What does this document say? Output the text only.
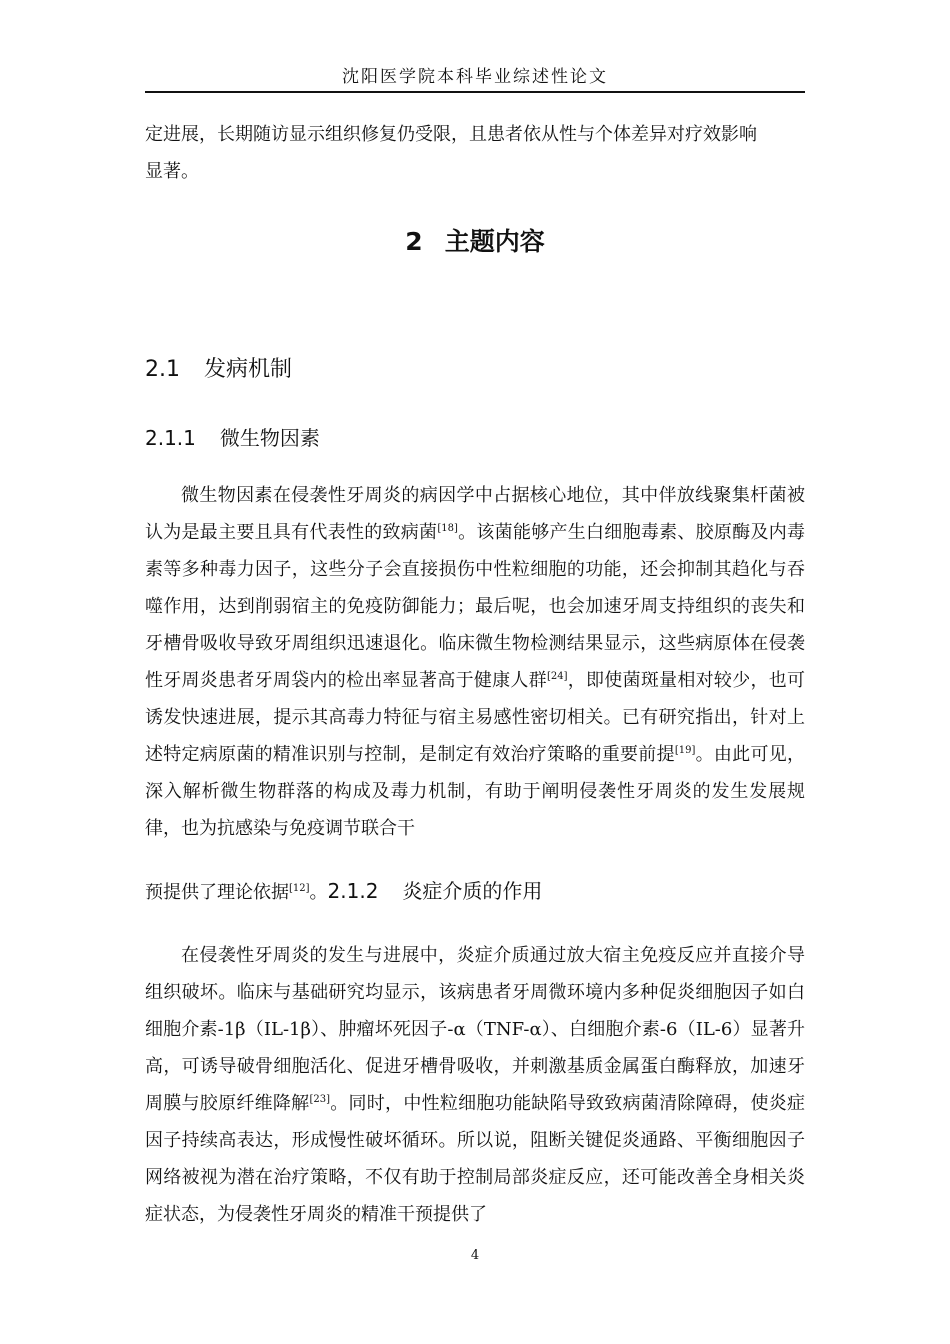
沈阳医学院本科毕业综述性论文

定进展，长期随访显示组织修复仍受限，且患者依从性与个体差异对疗效影响

显著。

2 主题内容
2.1 发病机制
2.1.1 微生物因素

微生物因素在侵袭性牙周炎的病因学中占据核心地位，其中伴放线聚集杆菌被认为是最主要且具有代表性的致病菌[18]。该菌能够产生白细胞毒素、胶原酶及内毒素等多种毒力因子，这些分子会直接损伤中性粒细胞的功能，还会抑制其趋化与吞噬作用，达到削弱宿主的免疫防御能力；最后呢，也会加速牙周支持组织的丧失和牙槽骨吸收导致牙周组织迅速退化。临床微生物检测结果显示，这些病原体在侵袭性牙周炎患者牙周袋内的检出率显著高于健康人群[24]，即使菌斑量相对较少，也可诱发快速进展，提示其高毒力特征与宿主易感性密切相关。已有研究指出，针对上述特定病原菌的精准识别与控制，是制定有效治疗策略的重要前提[19]。由此可见，深入解析微生物群落的构成及毒力机制，有助于阐明侵袭性牙周炎的发生发展规律，也为抗感染与免疫调节联合干

预提供了理论依据[12]。2.1.2 炎症介质的作用

在侵袭性牙周炎的发生与进展中，炎症介质通过放大宿主免疫反应并直接介导组织破坏。临床与基础研究均显示，该病患者牙周微环境内多种促炎细胞因子如白细胞介素-1β（IL-1β）、肿瘤坏死因子-α（TNF-α）、白细胞介素-6（IL-6）显著升高，可诱导破骨细胞活化、促进牙槽骨吸收，并刺激基质金属蛋白酶释放，加速牙周膜与胶原纤维降解[23]。同时，中性粒细胞功能缺陷导致致病菌清除障碍，使炎症因子持续高表达，形成慢性破坏循环。所以说，阻断关键促炎通路、平衡细胞因子网络被视为潜在治疗策略，不仅有助于控制局部炎症反应，还可能改善全身相关炎症状态，为侵袭性牙周炎的精准干预提供了

4
